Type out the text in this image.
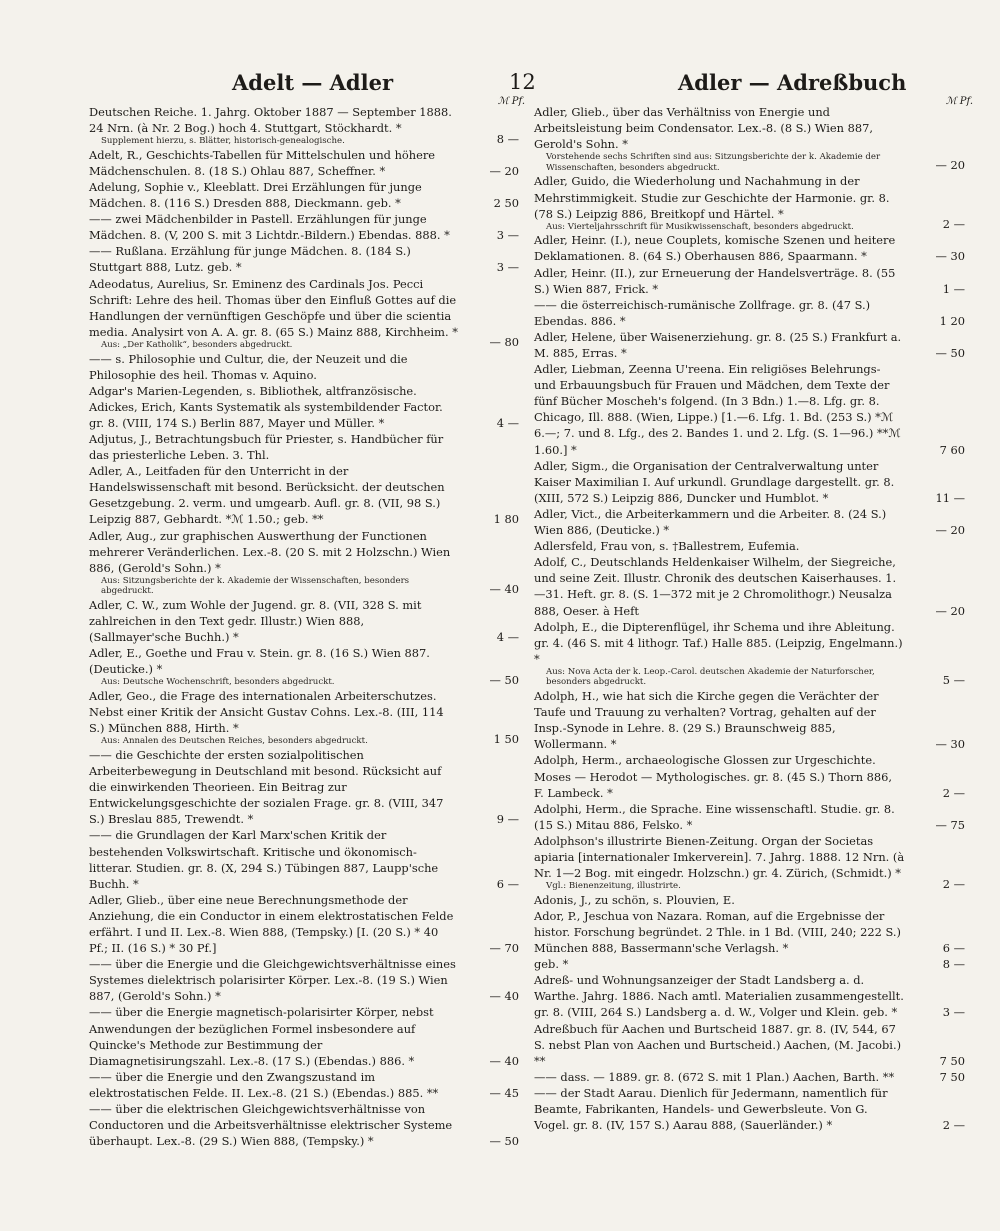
Adelt — Adler	12	Adler — Adreßbuch
ℳ Pf.

Deutschen Reiche. 1. Jahrg. Oktober 1887 — September 1888. 24 Nrn. (à Nr. 2 Bog.) hoch 4. Stuttgart, Stöckhardt. *
Supplement hierzu, s. Blätter, historisch-genealogische.	8 —

Adelt, R., Geschichts-Tabellen für Mittelschulen und höhere Mädchenschulen. 8. (18 S.) Ohlau 887, Scheffner. *	— 20

Adelung, Sophie v., Kleeblatt. Drei Erzählungen für junge Mädchen. 8. (116 S.) Dresden 888, Dieckmann. geb. *	2 50

—— zwei Mädchenbilder in Pastell. Erzählungen für junge Mädchen. 8. (V, 200 S. mit 3 Lichtdr.-Bildern.) Ebendas. 888. *	3 —

—— Rußlana. Erzählung für junge Mädchen. 8. (184 S.) Stuttgart 888, Lutz. geb. *	3 —

Adeodatus, Aurelius, Sr. Eminenz des Cardinals Jos. Pecci Schrift: Lehre des heil. Thomas über den Einfluß Gottes auf die Handlungen der vernünftigen Geschöpfe und über die scientia media. Analysirt von A. A. gr. 8. (65 S.) Mainz 888, Kirchheim. *
Aus: „Der Katholik“, besonders abgedruckt.	— 80

—— s. Philosophie und Cultur, die, der Neuzeit und die Philosophie des heil. Thomas v. Aquino.

Adgar's Marien-Legenden, s. Bibliothek, altfranzösische.

Adickes, Erich, Kants Systematik als systembildender Factor. gr. 8. (VIII, 174 S.) Berlin 887, Mayer und Müller. *	4 —

Adjutus, J., Betrachtungsbuch für Priester, s. Handbücher für das priesterliche Leben. 3. Thl.

Adler, A., Leitfaden für den Unterricht in der Handelswissenschaft mit besond. Berücksicht. der deutschen Gesetzgebung. 2. verm. und umgearb. Aufl. gr. 8. (VII, 98 S.) Leipzig 887, Gebhardt. *ℳ 1.50.; geb. **	1 80

Adler, Aug., zur graphischen Auswerthung der Functionen mehrerer Veränderlichen. Lex.-8. (20 S. mit 2 Holzschn.) Wien 886, (Gerold's Sohn.) *
Aus: Sitzungsberichte der k. Akademie der Wissenschaften, besonders abgedruckt.	— 40

Adler, C. W., zum Wohle der Jugend. gr. 8. (VII, 328 S. mit zahlreichen in den Text gedr. Illustr.) Wien 888, (Sallmayer'sche Buchh.) *	4 —

Adler, E., Goethe und Frau v. Stein. gr. 8. (16 S.) Wien 887. (Deuticke.) *
Aus: Deutsche Wochenschrift, besonders abgedruckt.	— 50

Adler, Geo., die Frage des internationalen Arbeiterschutzes. Nebst einer Kritik der Ansicht Gustav Cohns. Lex.-8. (III, 114 S.) München 888, Hirth. *
Aus: Annalen des Deutschen Reiches, besonders abgedruckt.	1 50

—— die Geschichte der ersten sozialpolitischen Arbeiterbewegung in Deutschland mit besond. Rücksicht auf die einwirkenden Theorieen. Ein Beitrag zur Entwickelungsgeschichte der sozialen Frage. gr. 8. (VIII, 347 S.) Breslau 885, Trewendt. *	9 —

—— die Grundlagen der Karl Marx'schen Kritik der bestehenden Volkswirtschaft. Kritische und ökonomisch-litterar. Studien. gr. 8. (X, 294 S.) Tübingen 887, Laupp'sche Buchh. *	6 —

Adler, Glieb., über eine neue Berechnungsmethode der Anziehung, die ein Conductor in einem elektrostatischen Felde erfährt. I und II. Lex.-8. Wien 888, (Tempsky.) [I. (20 S.) * 40 Pf.; II. (16 S.) * 30 Pf.]	— 70

—— über die Energie und die Gleichgewichtsverhältnisse eines Systemes dielektrisch polarisirter Körper. Lex.-8. (19 S.) Wien 887, (Gerold's Sohn.) *	— 40

—— über die Energie magnetisch-polarisirter Körper, nebst Anwendungen der bezüglichen Formel insbesondere auf Quincke's Methode zur Bestimmung der Diamagnetisirungszahl. Lex.-8. (17 S.) (Ebendas.) 886. *	— 40

—— über die Energie und den Zwangszustand im elektrostatischen Felde. II. Lex.-8. (21 S.) (Ebendas.) 885. **	— 45

—— über die elektrischen Gleichgewichtsverhältnisse von Conductoren und die Arbeitsverhältnisse elektrischer Systeme überhaupt. Lex.-8. (29 S.) Wien 888, (Tempsky.) *	— 50

ℳ Pf.

Adler, Glieb., über das Verhältniss von Energie und Arbeitsleistung beim Condensator. Lex.-8. (8 S.) Wien 887, Gerold's Sohn. *
Vorstehende sechs Schriften sind aus: Sitzungsberichte der k. Akademie der Wissenschaften, besonders abgedruckt.	— 20

Adler, Guido, die Wiederholung und Nachahmung in der Mehrstimmigkeit. Studie zur Geschichte der Harmonie. gr. 8. (78 S.) Leipzig 886, Breitkopf und Härtel. *
Aus: Vierteljahrsschrift für Musikwissenschaft, besonders abgedruckt.	2 —

Adler, Heinr. (I.), neue Couplets, komische Szenen und heitere Deklamationen. 8. (64 S.) Oberhausen 886, Spaarmann. *	— 30

Adler, Heinr. (II.), zur Erneuerung der Handelsverträge. 8. (55 S.) Wien 887, Frick. *	1 —

—— die österreichisch-rumänische Zollfrage. gr. 8. (47 S.) Ebendas. 886. *	1 20

Adler, Helene, über Waisenerziehung. gr. 8. (25 S.) Frankfurt a. M. 885, Erras. *	— 50

Adler, Liebman, Zeenna U'reena. Ein religiöses Belehrungs- und Erbauungsbuch für Frauen und Mädchen, dem Texte der fünf Bücher Moscheh's folgend. (In 3 Bdn.) 1.—8. Lfg. gr. 8. Chicago, Ill. 888. (Wien, Lippe.) [1.—6. Lfg. 1. Bd. (253 S.) *ℳ 6.—; 7. und 8. Lfg., des 2. Bandes 1. und 2. Lfg. (S. 1—96.) **ℳ 1.60.] *	7 60

Adler, Sigm., die Organisation der Centralverwaltung unter Kaiser Maximilian I. Auf urkundl. Grundlage dargestellt. gr. 8. (XIII, 572 S.) Leipzig 886, Duncker und Humblot. *	11 —

Adler, Vict., die Arbeiterkammern und die Arbeiter. 8. (24 S.) Wien 886, (Deuticke.) *	— 20

Adlersfeld, Frau von, s. †Ballestrem, Eufemia.

Adolf, C., Deutschlands Heldenkaiser Wilhelm, der Siegreiche, und seine Zeit. Illustr. Chronik des deutschen Kaiserhauses. 1.—31. Heft. gr. 8. (S. 1—372 mit je 2 Chromolithogr.) Neusalza 888, Oeser. à Heft	— 20

Adolph, E., die Dipterenflügel, ihr Schema und ihre Ableitung. gr. 4. (46 S. mit 4 lithogr. Taf.) Halle 885. (Leipzig, Engelmann.) *
Aus: Nova Acta der k. Leop.-Carol. deutschen Akademie der Naturforscher, besonders abgedruckt.	5 —

Adolph, H., wie hat sich die Kirche gegen die Verächter der Taufe und Trauung zu verhalten? Vortrag, gehalten auf der Insp.-Synode in Lehre. 8. (29 S.) Braunschweig 885, Wollermann. *	— 30

Adolph, Herm., archaeologische Glossen zur Urgeschichte. Moses — Herodot — Mythologisches. gr. 8. (45 S.) Thorn 886, F. Lambeck. *	2 —

Adolphi, Herm., die Sprache. Eine wissenschaftl. Studie. gr. 8. (15 S.) Mitau 886, Felsko. *	— 75

Adolphson's illustrirte Bienen-Zeitung. Organ der Societas apiaria [internationaler Imkerverein]. 7. Jahrg. 1888. 12 Nrn. (à Nr. 1—2 Bog. mit eingedr. Holzschn.) gr. 4. Zürich, (Schmidt.) *
Vgl.: Bienenzeitung, illustrirte.	2 —

Adonis, J., zu schön, s. Plouvien, E.

Ador, P., Jeschua von Nazara. Roman, auf die Ergebnisse der histor. Forschung begründet. 2 Thle. in 1 Bd. (VIII, 240; 222 S.) München 888, Bassermann'sche Verlagsh. *	6 —

geb. *	8 —

Adreß- und Wohnungsanzeiger der Stadt Landsberg a. d. Warthe. Jahrg. 1886. Nach amtl. Materialien zusammengestellt. gr. 8. (VIII, 264 S.) Landsberg a. d. W., Volger und Klein. geb. *	3 —

Adreßbuch für Aachen und Burtscheid 1887. gr. 8. (IV, 544, 67 S. nebst Plan von Aachen und Burtscheid.) Aachen, (M. Jacobi.) **	7 50

—— dass. — 1889. gr. 8. (672 S. mit 1 Plan.) Aachen, Barth. **	7 50

—— der Stadt Aarau. Dienlich für Jedermann, namentlich für Beamte, Fabrikanten, Handels- und Gewerbsleute. Von G. Vogel. gr. 8. (IV, 157 S.) Aarau 888, (Sauerländer.) *	2 —
